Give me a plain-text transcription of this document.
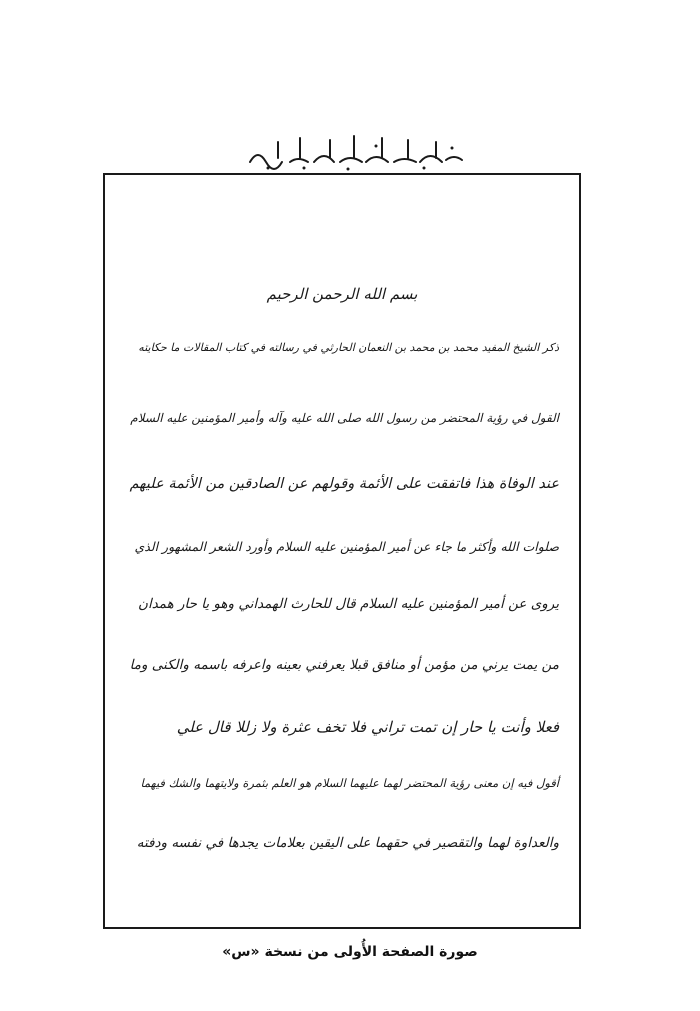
بسم الله الرحمن الرحيم
ذكر الشيخ المفيد محمد بن محمد بن النعمان الحارثي في رسالته في كتاب المقالات ما حكايته
القول في رؤية المحتضر من رسول الله صلى الله عليه وآله وأمير المؤمنين عليه السلام
عند الوفاة هذا فاتفقت على الأئمة وقولهم عن الصادقين من الأئمة عليهم
صلوات الله وأكثر ما جاء عن أمير المؤمنين عليه السلام وأورد الشعر المشهور الذي
يروى عن أمير المؤمنين عليه السلام قال للحارث الهمداني وهو يا حار همدان
من يمت يرني من مؤمن أو منافق قبلا يعرفني بعينه واعرفه باسمه والكنى وما
فعلا وأنت يا حار إن تمت تراني فلا تخف عثرة ولا زللا قال علي
أقول فيه إن معنى رؤية المحتضر لهما عليهما السلام هو العلم بثمرة ولايتهما والشك فيهما
والعداوة لهما والتقصير في حقهما على اليقين بعلامات يجدها في نفسه ودفته
صورة الصفحة الأُولى من نسخة «س»
